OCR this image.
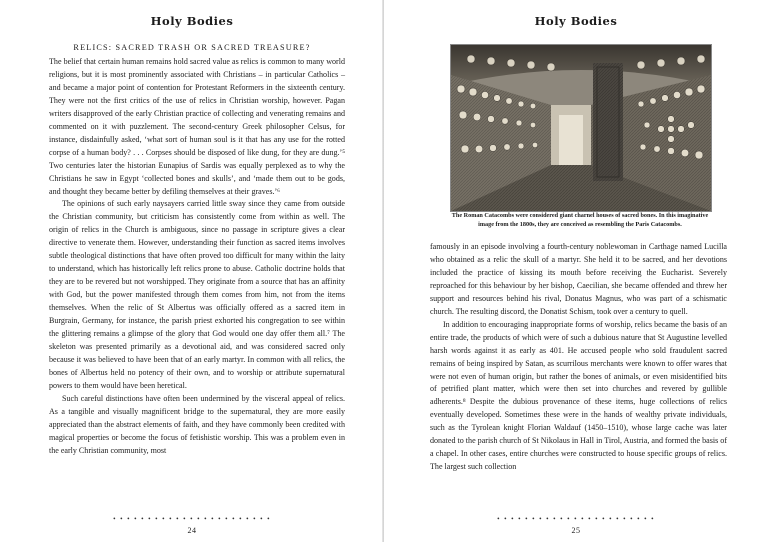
Holy Bodies
RELICS: SACRED TRASH OR SACRED TREASURE?

The belief that certain human remains hold sacred value as relics is common to many world religions, but it is most prominently associated with Christians – in particular Catholics – and became a major point of contention for Protestant Reformers in the sixteenth century. They were not the first critics of the use of relics in Christian worship, however. Pagan writers disapproved of the early Christian practice of collecting and venerating remains and commented on it with puzzlement. The second-century Greek philosopher Celsus, for instance, disdainfully asked, ‘what sort of human soul is it that has any use for the rotted corpse of a human body? . . . Corpses should be disposed of like dung, for they are dung.’⁵ Two centuries later the historian Eunapius of Sardis was equally perplexed as to why the Christians he saw in Egypt ‘collected bones and skulls’, and ‘made them out to be gods, and thought they became better by defiling themselves at their graves.’⁶

The opinions of such early naysayers carried little sway since they came from outside the Christian community, but criticism has consistently come from within as well. The origin of relics in the Church is ambiguous, since no passage in scripture gives a clear directive to venerate them. However, understanding their function as sacred items involves subtle theological distinctions that have often proved too difficult for many within the laity to understand, which has historically left relics prone to abuse. Catholic doctrine holds that they are to be revered but not worshipped. They originate from a source that has an affinity with God, but the power manifested through them comes from him, not from the items themselves. When the relic of St Albertus was officially offered as a sacred item in Burgrain, Germany, for instance, the parish priest exhorted his congregation to see within the glittering remains a glimpse of the glory that God would one day offer them all.⁷ The skeleton was presented primarily as a devotional aid, and was considered sacred only because it was believed to have been that of an early martyr. In common with all relics, the bones of Albertus held no potency of their own, and to worship or attribute supernatural powers to them would have been heretical.

Such careful distinctions have often been undermined by the visceral appeal of relics. As a tangible and visually magnificent bridge to the supernatural, they are more easily appreciated than the abstract elements of faith, and they have commonly been credited with magical properties or become the focus of fetishistic worship. This was a problem even in the early Christian community, most

• • • • • • • • • • • • • • • • • • • • • • •
24
Holy Bodies
The Roman Catacombs were considered giant charnel houses of sacred bones. In this imaginative image from the 1800s, they are conceived as resembling the Paris Catacombs.

famously in an episode involving a fourth-century noblewoman in Carthage named Lucilla who obtained as a relic the skull of a martyr. She held it to be sacred, and her devotions included the practice of kissing its mouth before receiving the Eucharist. Severely reproached for this behaviour by her bishop, Caecilian, she became offended and threw her support and resources behind his rival, Donatus Magnus, who was part of a schismatic church. The resulting discord, the Donatist Schism, took over a century to quell.

In addition to encouraging inappropriate forms of worship, relics became the basis of an entire trade, the products of which were of such a dubious nature that St Augustine levelled harsh words against it as early as 401. He accused people who sold fraudulent sacred remains of being inspired by Satan, as scurrilous merchants were known to offer wares that were not even of human origin, but rather the bones of animals, or even misidentified bits of petrified plant matter, which were then set into churches and revered by gullible adherents.⁸ Despite the dubious provenance of these items, huge collections of relics eventually developed. Sometimes these were in the hands of wealthy private individuals, such as the Tyrolean knight Florian Waldauf (1450–1510), whose large cache was later donated to the parish church of St Nikolaus in Hall in Tirol, Austria, and formed the basis of a chapel. In other cases, entire churches were constructed to house specific groups of relics. The largest such collection

• • • • • • • • • • • • • • • • • • • • • • •
25
